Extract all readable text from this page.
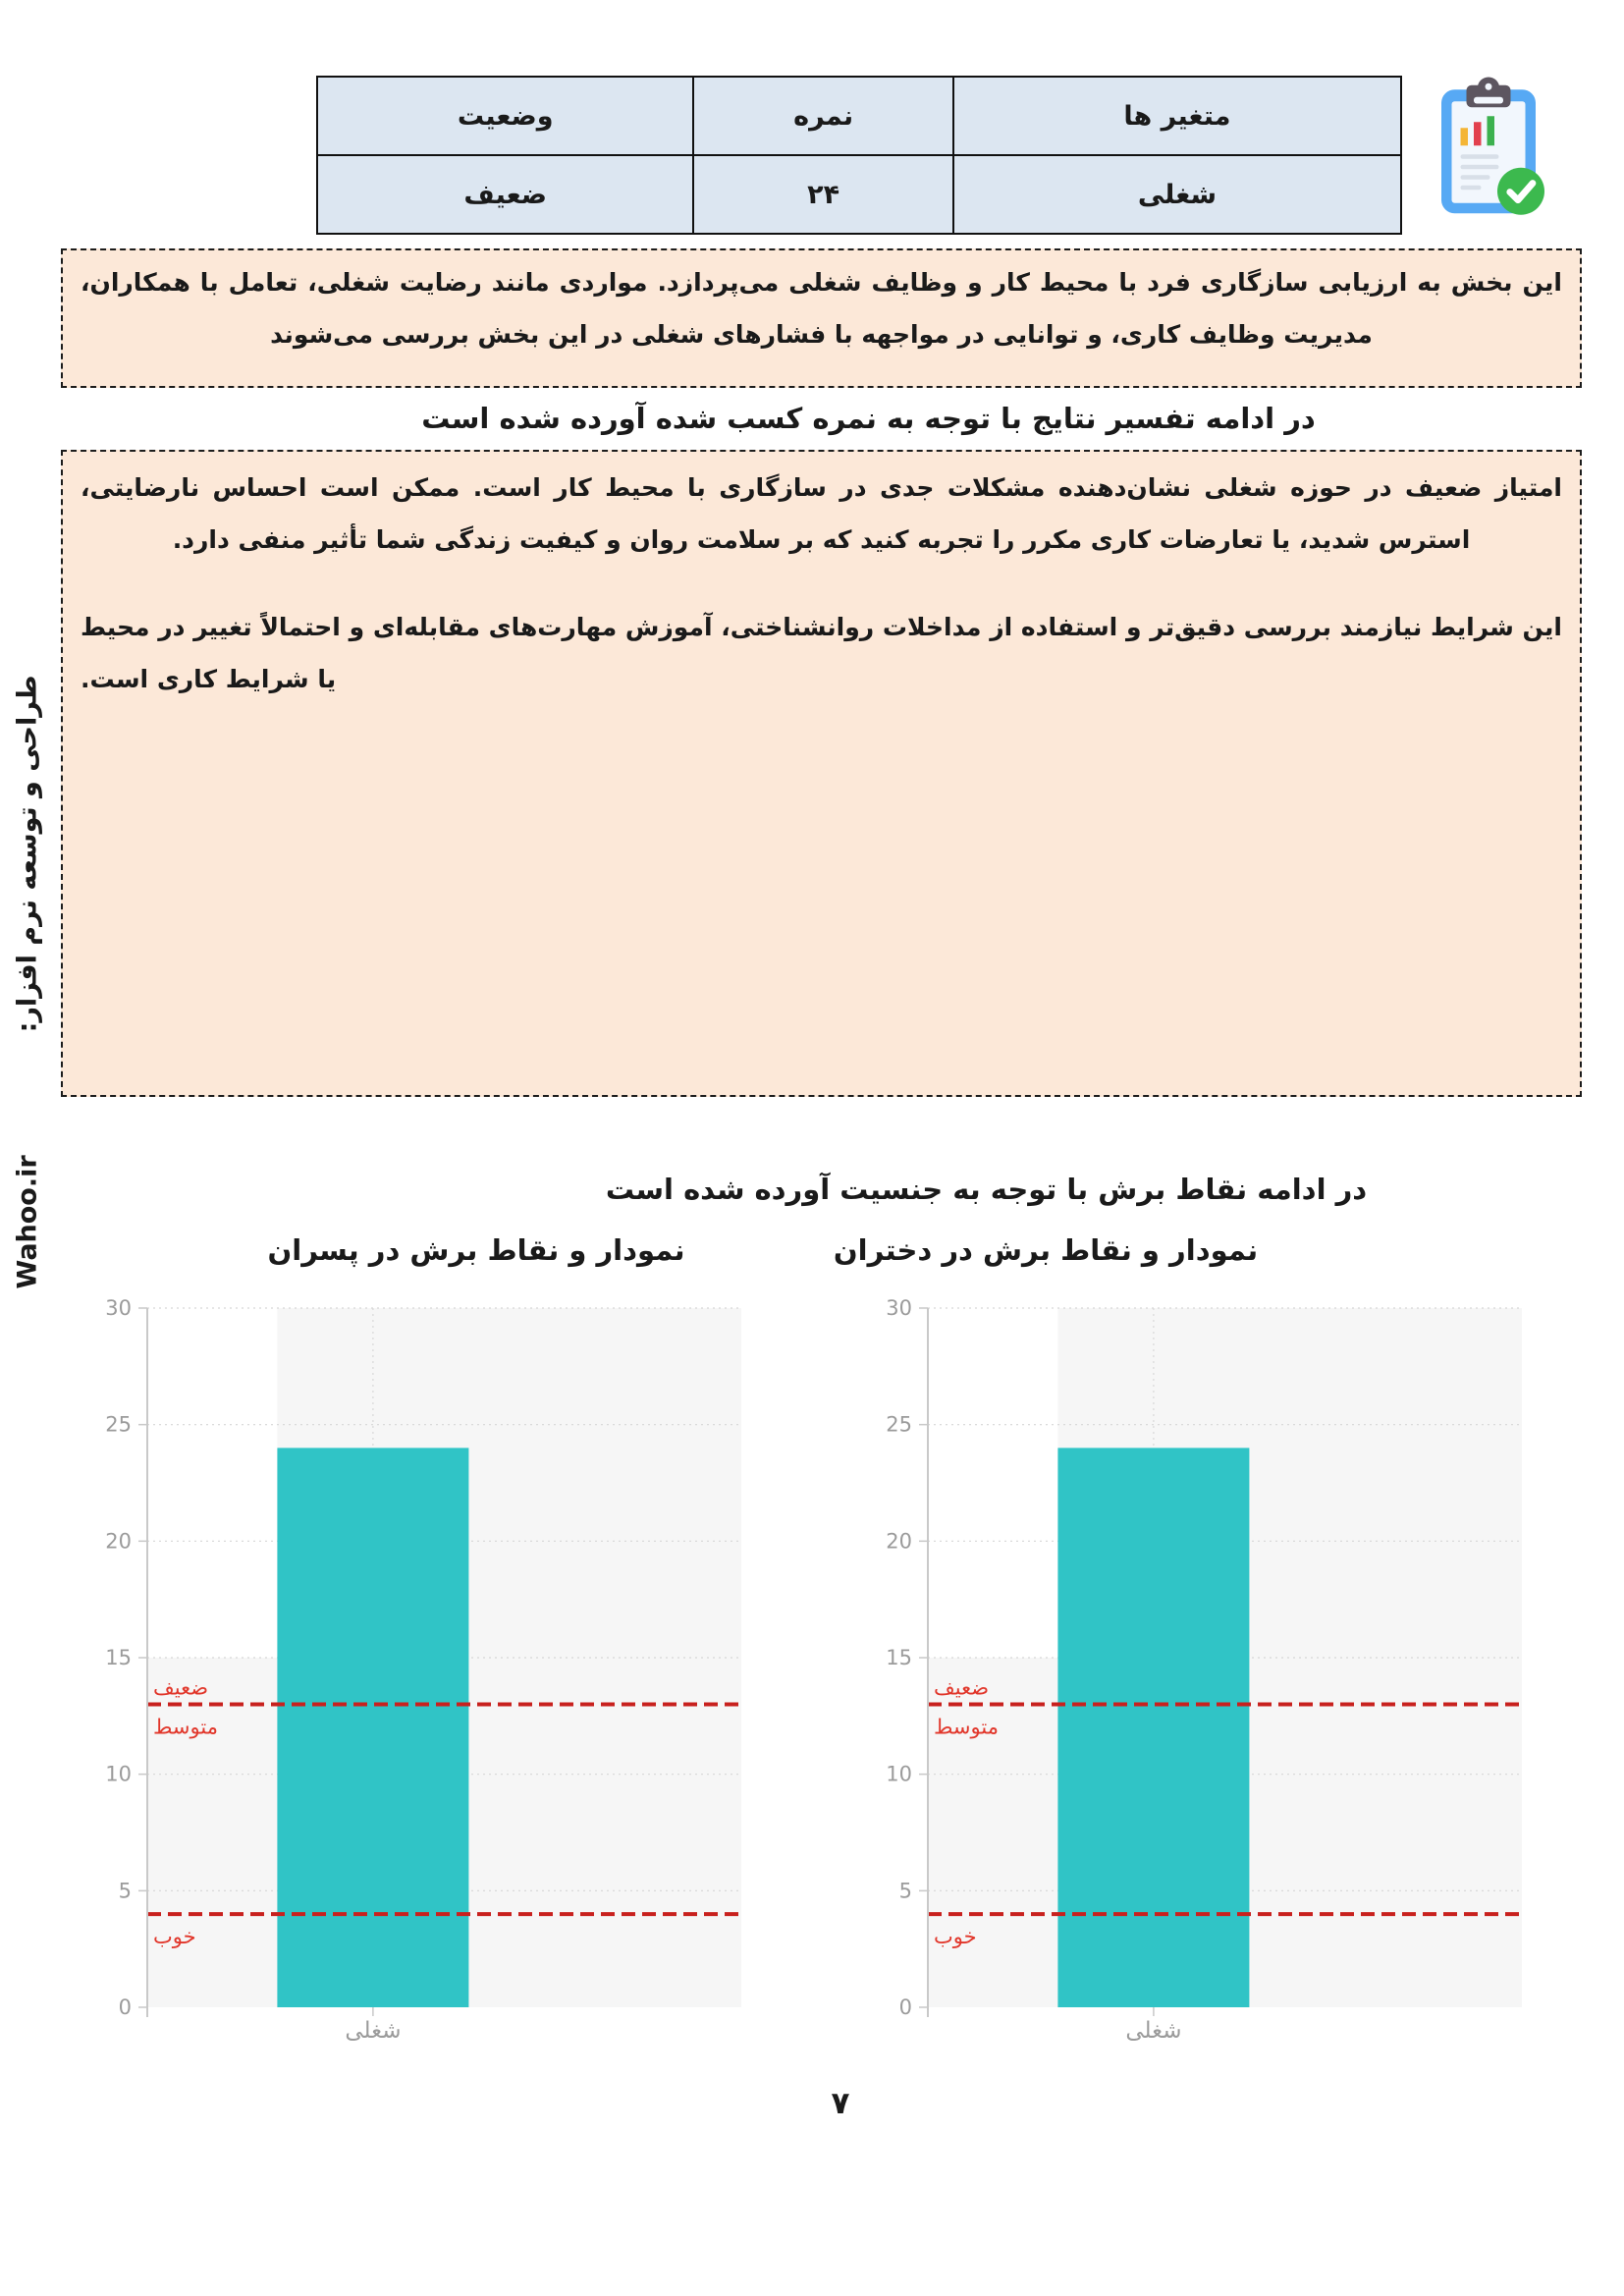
متغیر ها	نمره	وضعیت
شغلی	۲۴	ضعیف

این بخش به ارزیابی سازگاری فرد با محیط کار و وظایف شغلی می‌پردازد. مواردی مانند رضایت شغلی، تعامل با همکاران، مدیریت وظایف کاری، و توانایی در مواجهه با فشارهای شغلی در این بخش بررسی می‌شوند

در ادامه تفسیر نتایج با توجه به نمره کسب شده آورده شده است

امتیاز ضعیف در حوزه شغلی نشان‌دهنده مشکلات جدی در سازگاری با محیط کار است. ممکن است احساس نارضایتی، استرس شدید، یا تعارضات کاری مکرر را تجربه کنید که بر سلامت روان و کیفیت زندگی شما تأثیر منفی دارد.

این شرایط نیازمند بررسی دقیق‌تر و استفاده از مداخلات روانشناختی، آموزش مهارت‌های مقابله‌ای و احتمالاً تغییر در محیط یا شرایط کاری است.

طراحی و توسعه نرم افزار:
Wahoo.ir	در ادامه نقاط برش با توجه به جنسیت آورده شده است
نمودار و نقاط برش در پسران	نمودار و نقاط برش در دختران
ضعیف
متوسط
خوب
0
5
10
15
20
25
30
شغلی
ضعیف
متوسط
خوب
0
5
10
15
20
25
30
شغلی
۷
